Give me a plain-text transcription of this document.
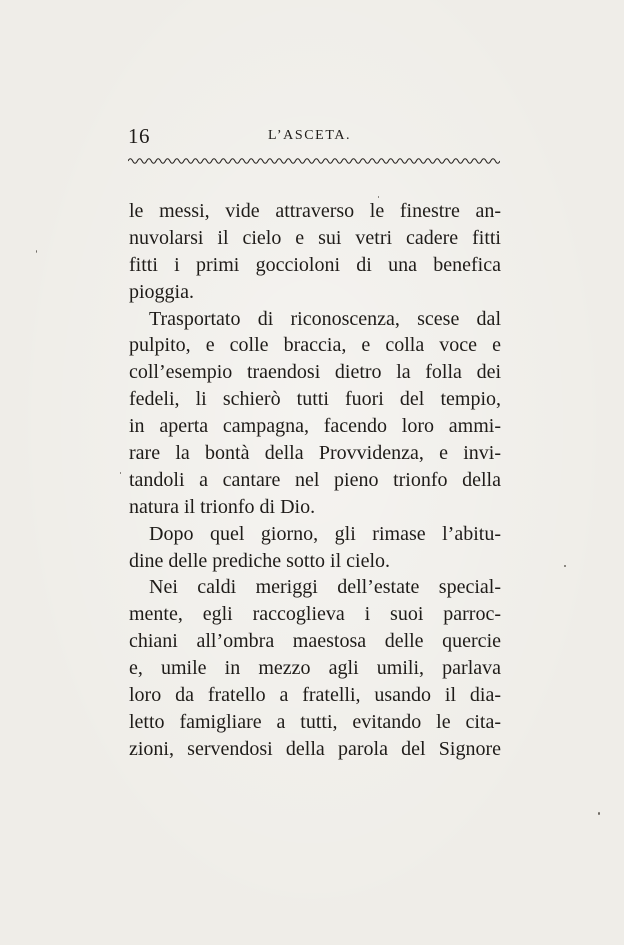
16	L’ASCETA.
le messi, vide attraverso le finestre an-
nuvolarsi il cielo e sui vetri cadere fitti
fitti i primi goccioloni di una benefica
pioggia.
Trasportato di riconoscenza, scese dal
pulpito, e colle braccia, e colla voce e
coll’esempio traendosi dietro la folla dei
fedeli, li schierò tutti fuori del tempio,
in aperta campagna, facendo loro ammi-
rare la bontà della Provvidenza, e invi-
tandoli a cantare nel pieno trionfo della
natura il trionfo di Dio.
Dopo quel giorno, gli rimase l’abitu-
dine delle prediche sotto il cielo.
Nei caldi meriggi dell’estate special-
mente, egli raccoglieva i suoi parroc-
chiani all’ombra maestosa delle quercie
e, umile in mezzo agli umili, parlava
loro da fratello a fratelli, usando il dia-
letto famigliare a tutti, evitando le cita-
zioni, servendosi della parola del Signore
